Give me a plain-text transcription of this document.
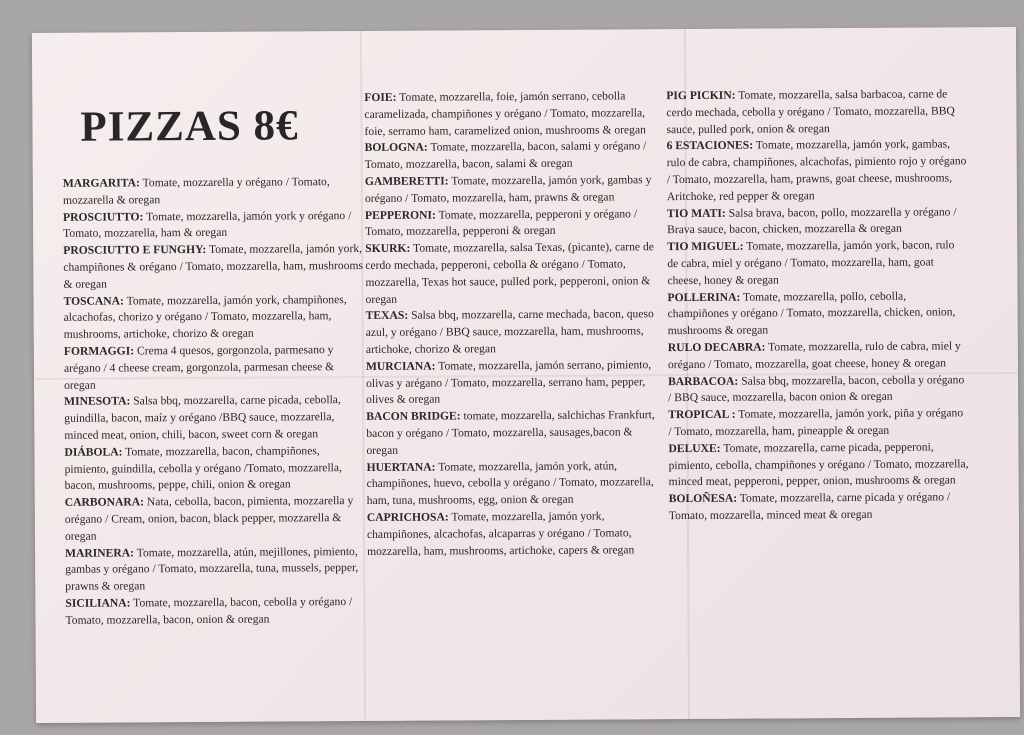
PIZZAS 8€

MARGARITA: Tomate, mozzarella y orégano / Tomato, mozzarella & oregan

PROSCIUTTO: Tomate, mozzarella, jamón york y orégano / Tomato, mozzarella, ham & oregan

PROSCIUTTO E FUNGHY: Tomate, mozzarella, jamón york, champiñones & orégano / Tomato, mozzarella, ham, mushrooms & oregan

TOSCANA: Tomate, mozzarella, jamón york, champiñones, alcachofas, chorizo y orégano / Tomato, mozzarella, ham, mushrooms, artichoke, chorizo & oregan

FORMAGGI: Crema 4 quesos, gorgonzola, parmesano y arégano / 4 cheese cream, gorgonzola, parmesan cheese & oregan

MINESOTA: Salsa bbq, mozzarella, carne picada, cebolla, guindilla, bacon, maíz y orégano /BBQ sauce, mozzarella, minced meat, onion, chili, bacon, sweet corn & oregan

DIÁBOLA: Tomate, mozzarella, bacon, champiñones, pimiento, guindilla, cebolla y orégano /Tomato, mozzarella, bacon, mushrooms, peppe, chili, onion & oregan

CARBONARA: Nata, cebolla, bacon, pimienta, mozzarella y orégano / Cream, onion, bacon, black pepper, mozzarella & oregan

MARINERA: Tomate, mozzarella, atún, mejillones, pimiento, gambas y orégano / Tomato, mozzarella, tuna, mussels, pepper, prawns & oregan

SICILIANA: Tomate, mozzarella, bacon, cebolla y orégano / Tomato, mozzarella, bacon, onion & oregan

FOIE: Tomate, mozzarella, foie, jamón serrano, cebolla caramelizada, champiñones y orégano / Tomato, mozzarella, foie, serramo ham, caramelized onion, mushrooms & oregan

BOLOGNA: Tomate, mozzarella, bacon, salami y orégano / Tomato, mozzarella, bacon, salami & oregan

GAMBERETTI: Tomate, mozzarella, jamón york, gambas y orégano / Tomato, mozzarella, ham, prawns & oregan

PEPPERONI: Tomate, mozzarella, pepperoni y orégano / Tomato, mozzarella, pepperoni & oregan

SKURK: Tomate, mozzarella, salsa Texas, (picante), carne de cerdo mechada, pepperoni, cebolla & orégano / Tomato, mozzarella, Texas hot sauce, pulled pork, pepperoni, onion & oregan

TEXAS: Salsa bbq, mozzarella, carne mechada, bacon, queso azul, y orégano / BBQ sauce, mozzarella, ham, mushrooms, artichoke, chorizo & oregan

MURCIANA: Tomate, mozzarella, jamón serrano, pimiento, olivas y arégano / Tomato, mozzarella, serrano ham, pepper, olives & oregan

BACON BRIDGE: tomate, mozzarella, salchichas Frankfurt, bacon y orégano / Tomato, mozzarella, sausages,bacon & oregan

HUERTANA: Tomate, mozzarella, jamón york, atún, champiñones, huevo, cebolla y orégano / Tomato, mozzarella, ham, tuna, mushrooms, egg, onion & oregan

CAPRICHOSA: Tomate, mozzarella, jamón york, champiñones, alcachofas, alcaparras y orégano / Tomato, mozzarella, ham, mushrooms, artichoke, capers & oregan

PIG PICKIN: Tomate, mozzarella, salsa barbacoa, carne de cerdo mechada, cebolla y orégano / Tomato, mozzarella, BBQ sauce, pulled pork, onion & oregan

6 ESTACIONES: Tomate, mozzarella, jamón york, gambas, rulo de cabra, champiñones, alcachofas, pimiento rojo y orégano / Tomato, mozzarella, ham, prawns, goat cheese, mushrooms, Aritchoke, red pepper & oregan

TIO MATI: Salsa brava, bacon, pollo, mozzarella y orégano / Brava sauce, bacon, chicken, mozzarella & oregan

TIO MIGUEL: Tomate, mozzarella, jamón york, bacon, rulo de cabra, miel y orégano / Tomato, mozzarella, ham, goat cheese, honey & oregan

POLLERINA: Tomate, mozzarella, pollo, cebolla, champiñones y orégano / Tomato, mozzarella, chicken, onion, mushrooms & oregan

RULO DECABRA: Tomate, mozzarella, rulo de cabra, miel y orégano / Tomato, mozzarella, goat cheese, honey & oregan

BARBACOA: Salsa bbq, mozzarella, bacon, cebolla y orégano / BBQ sauce, mozzarella, bacon onion & oregan

TROPICAL : Tomate, mozzarella, jamón york, piña y orégano / Tomato, mozzarella, ham, pineapple & oregan

DELUXE: Tomate, mozzarella, carne picada, pepperoni, pimiento, cebolla, champiñones y orégano / Tomato, mozzarella, minced meat, pepperoni, pepper, onion, mushrooms & oregan

BOLOÑESA: Tomate, mozzarella, carne picada y orégano / Tomato, mozzarella, minced meat & oregan
